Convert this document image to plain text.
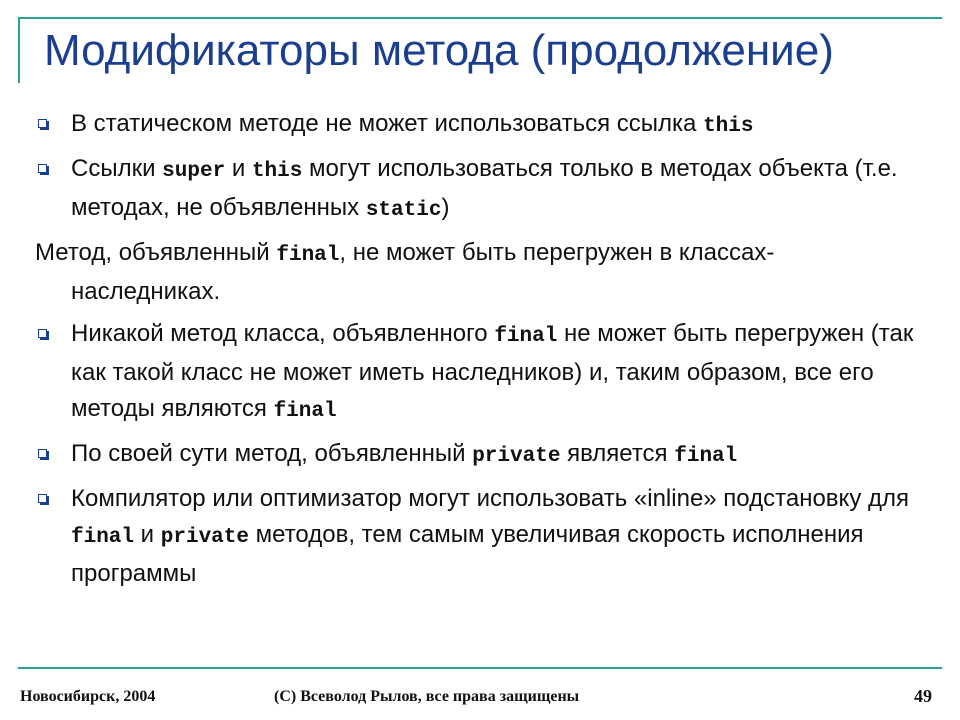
Модификаторы метода (продолжение)
В статическом методе не может использоваться ссылка this
Ссылки super и this могут использоваться только в методах объекта (т.е. методах, не объявленных static)
Метод, объявленный final, не может быть перегружен в классах-
наследниках.
Никакой метод класса, объявленного final не может быть перегружен (так как такой класс не может иметь наследников) и, таким образом, все его методы являются final
По своей сути метод, объявленный private является final
Компилятор или оптимизатор могут использовать «inline» подстановку для final и private методов, тем самым увеличивая скорость исполнения программы
Новосибирск, 2004	(С) Всеволод Рылов, все права защищены	49
